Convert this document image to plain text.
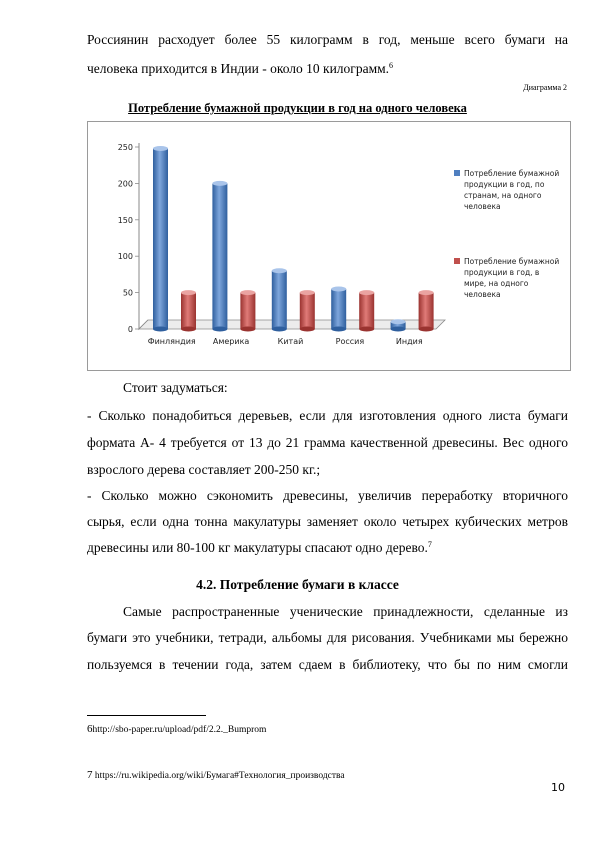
Россиянин расходует более 55 килограмм в год, меньше всего бумаги на
человека приходится в Индии - около 10 килограмм.$^6$
Диаграмма 2
Потребление бумажной продукции в год на одного человека
0
50
100
150
200
250
Финляндия Америка	Китай	Россия	Индия
Потребление бумажной
продукции в год, по
странам, на одного
человека
Потребление бумажной
продукции в год, в
мире, на одного
человека
Стоит задуматься:
- Сколько понадобиться деревьев, если для изготовления одного листа бумаги
формата А- 4 требуется от 13 до 21 грамма качественной древесины. Вес одного
взрослого дерева составляет 200-250 кг.;
- Сколько можно сэкономить древесины, увеличив переработку вторичного
сырья, если одна тонна макулатуры заменяет около четырех кубических метров
древесины или 80-100 кг макулатуры спасают одно дерево.$^7$
4.2. Потребление бумаги в классе
Самые распространенные ученические принадлежности, сделанные из
бумаги это учебники, тетради, альбомы для рисования. Учебниками мы бережно
пользуемся в течении года, затем сдаем в библиотеку, что бы по ним смогли
6http://sbo-paper.ru/upload/pdf/2.2._Bumprom
7 https://ru.wikipedia.org/wiki/Бумага#Технология_производства
10
